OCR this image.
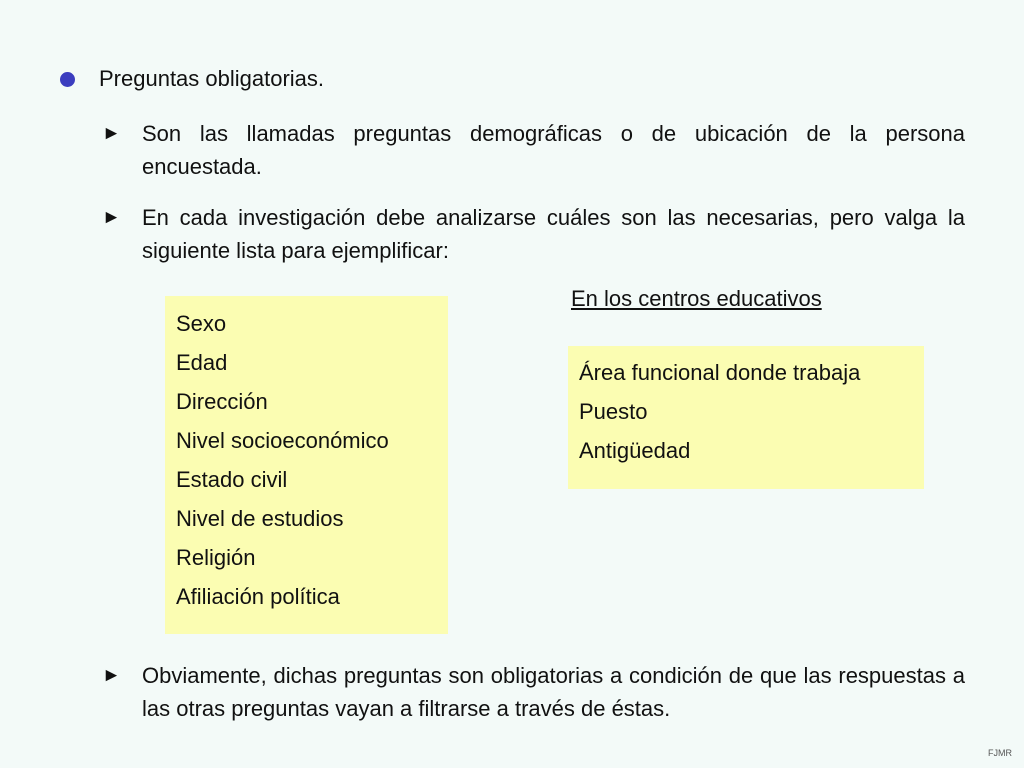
Preguntas obligatorias.
► Son las llamadas preguntas demográficas o de ubicación de la persona encuestada.
► En cada investigación debe analizarse cuáles son las necesarias, pero valga la siguiente lista para ejemplificar:
Sexo
Edad
Dirección
Nivel socioeconómico
Estado civil
Nivel de estudios
Religión
Afiliación política
En los centros educativos
Área funcional donde trabaja
Puesto
Antigüedad
► Obviamente, dichas preguntas son obligatorias a condición de que las respuestas a las otras preguntas vayan a filtrarse a través de éstas.
FJMR
